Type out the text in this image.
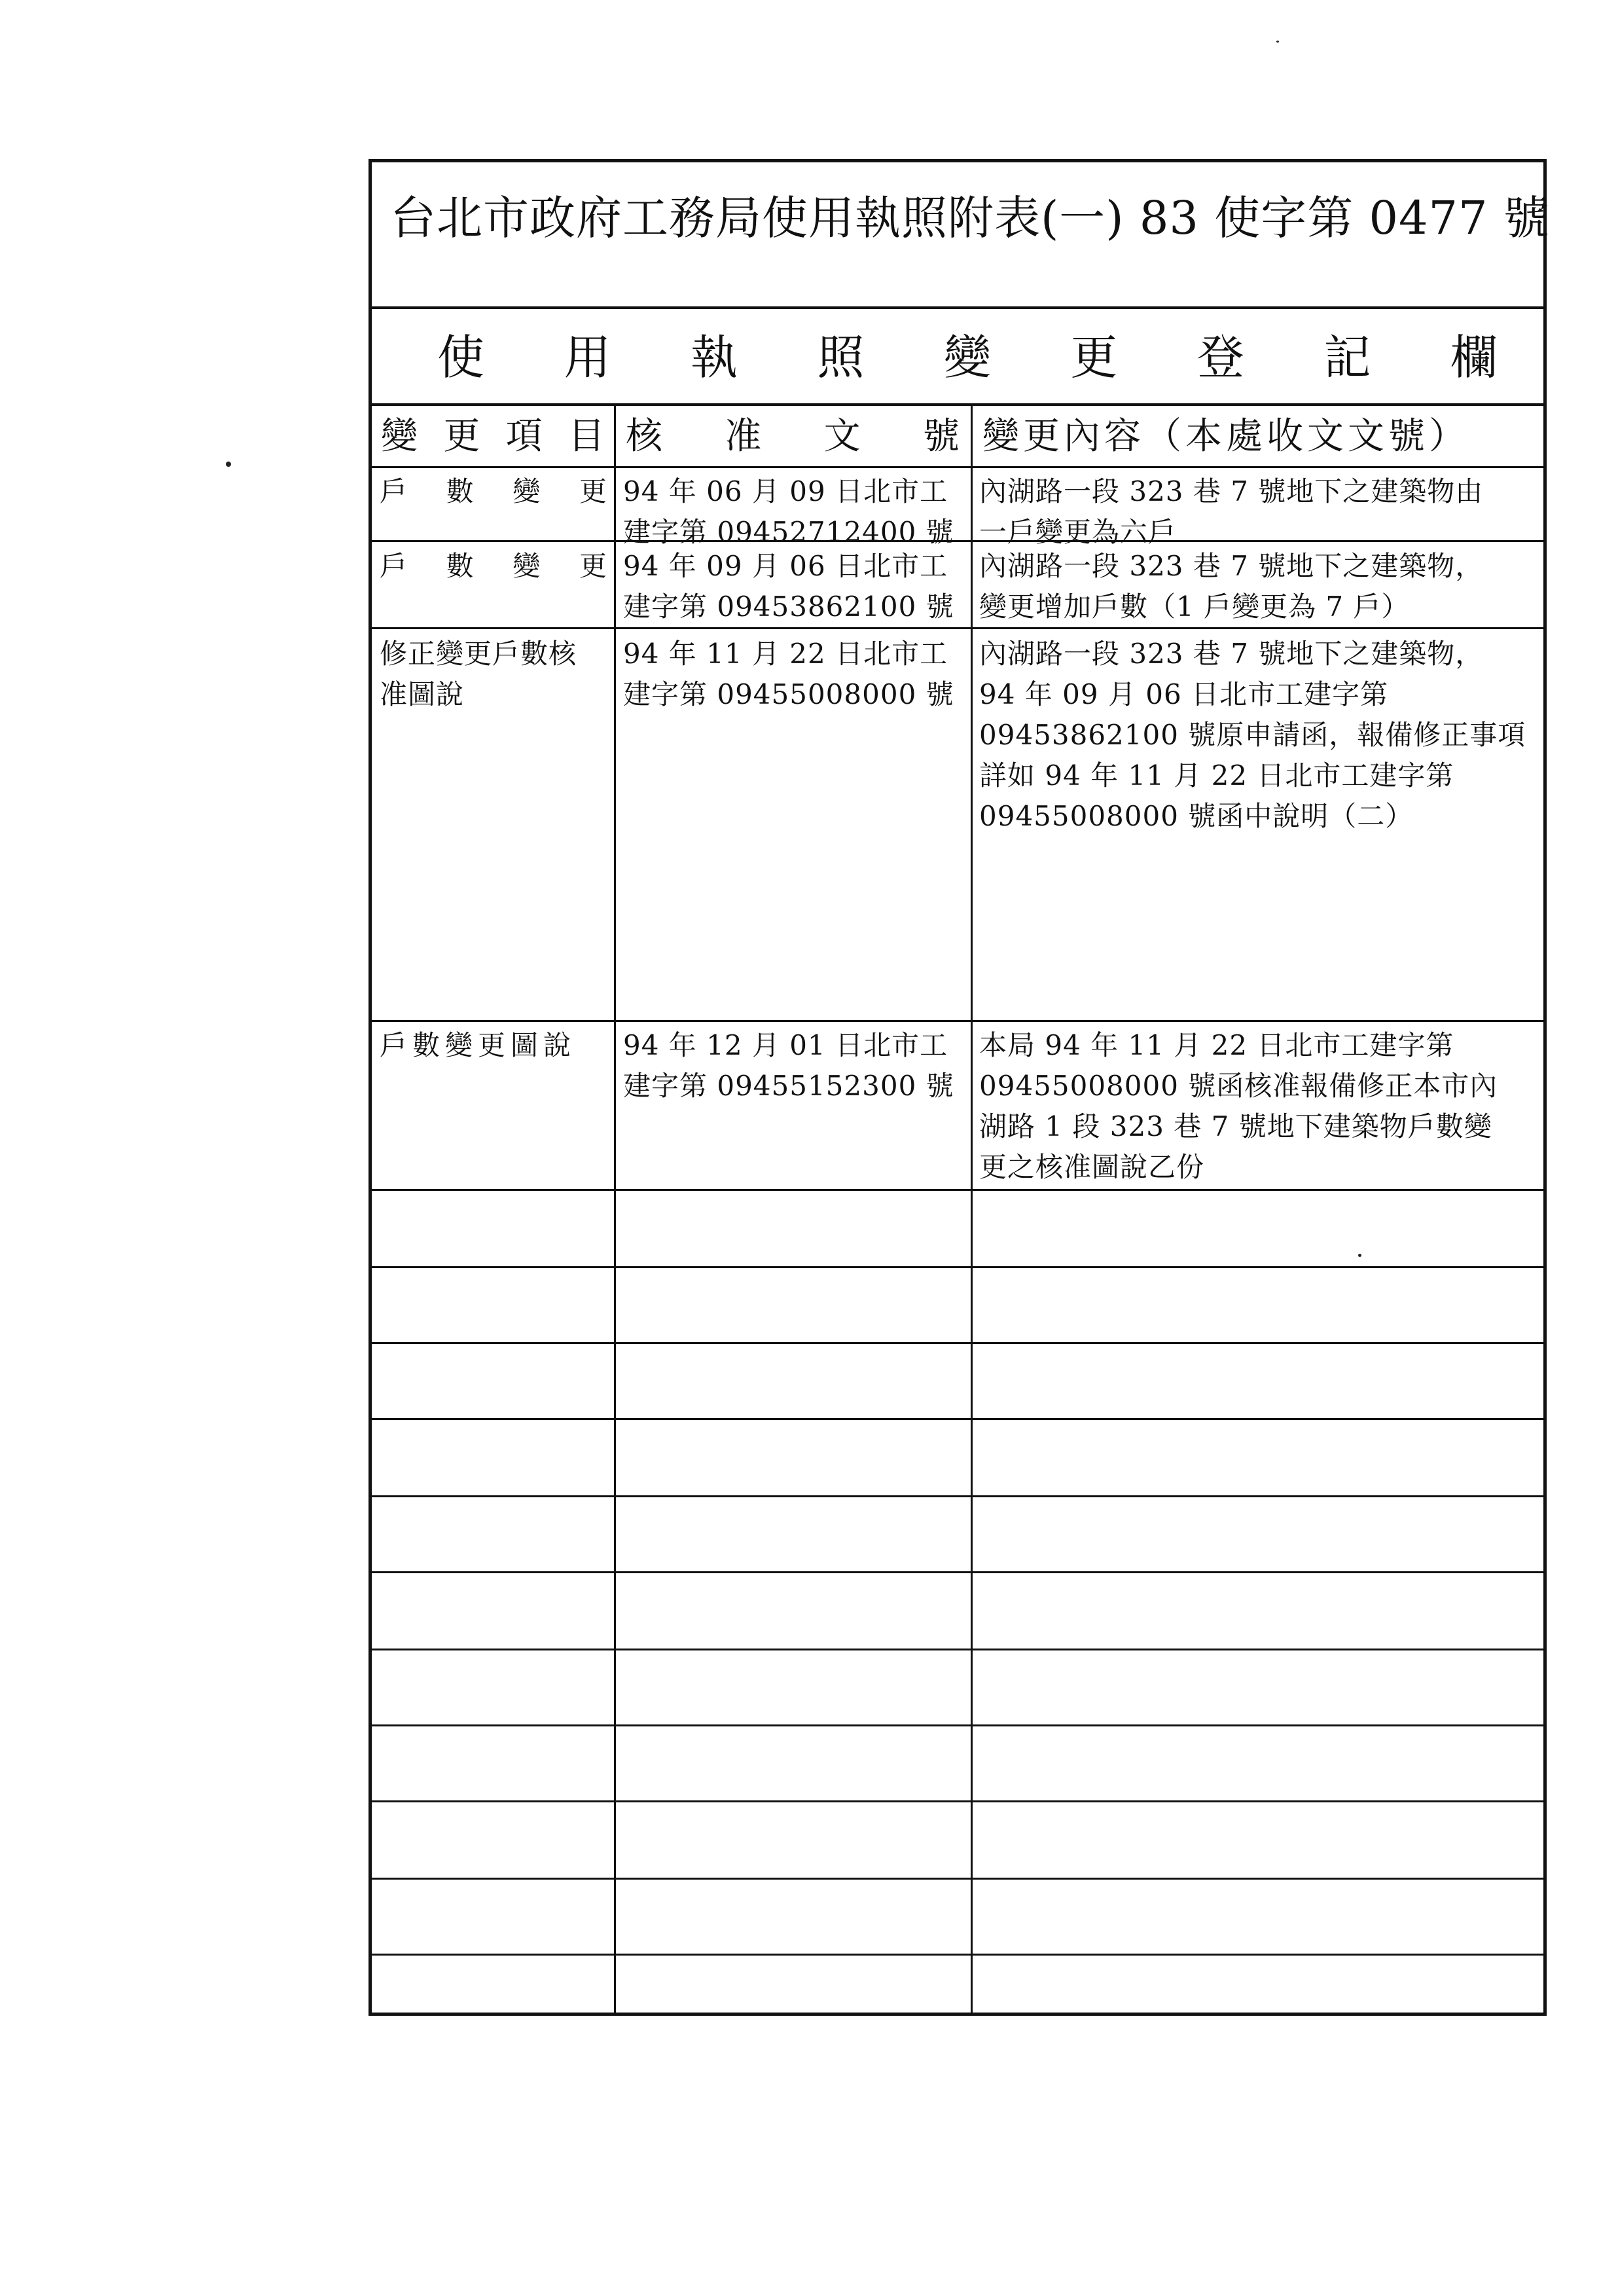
台北市政府工務局使用執照附表(一) 83 使字第 0477 號
使 用 執 照 變 更 登 記 欄
變 更 項 目 核 准 文 號 變更內容（本處收文文號）
戶 數 變 更 94 年 06 月 09 日北市工
建字第 09452712400 號
內湖路一段 323 巷 7 號地下之建築物由
一戶變更為六戶
戶 數 變 更 94 年 09 月 06 日北市工
建字第 09453862100 號
內湖路一段 323 巷 7 號地下之建築物，
變更增加戶數（1 戶變更為 7 戶）
修正變更戶數核
准圖說
94 年 11 月 22 日北市工
建字第 09455008000 號
內湖路一段 323 巷 7 號地下之建築物，
94 年 09 月 06 日北市工建字第
09453862100 號原申請函，報備修正事項
詳如 94 年 11 月 22 日北市工建字第
09455008000 號函中說明（二）
戶數變更圖說	94 年 12 月 01 日北市工
建字第 09455152300 號
本局 94 年 11 月 22 日北市工建字第
09455008000 號函核准報備修正本市內
湖路 1 段 323 巷 7 號地下建築物戶數變
更之核准圖說乙份
